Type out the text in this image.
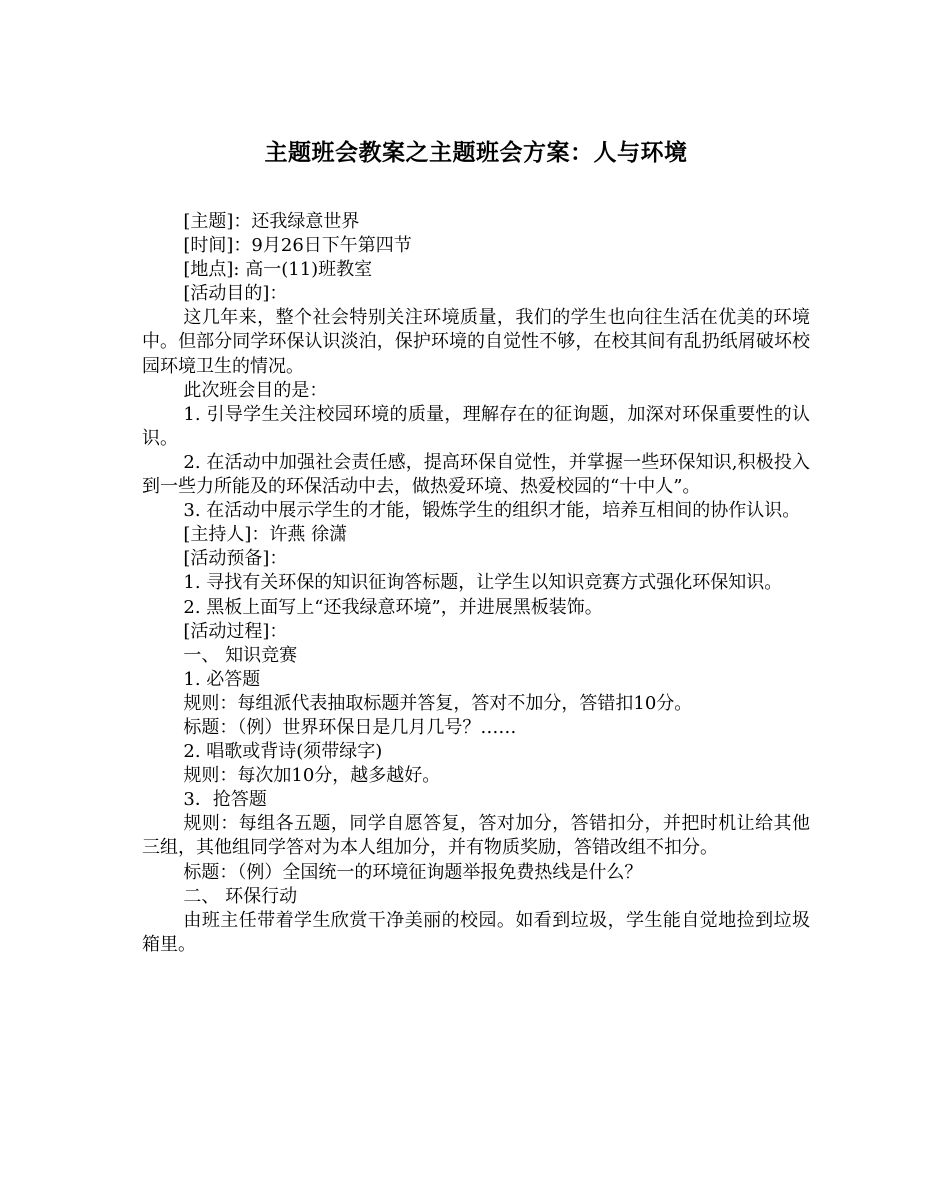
主题班会教案之主题班会方案：人与环境

[主题]：还我绿意世界

[时间]：9月26日下午第四节

[地点]: 高一(11)班教室

[活动目的]：

这几年来，整个社会特别关注环境质量，我们的学生也向往生活在优美的环境中。但部分同学环保认识淡泊，保护环境的自觉性不够，在校其间有乱扔纸屑破坏校园环境卫生的情况。

此次班会目的是：

1. 引导学生关注校园环境的质量，理解存在的征询题，加深对环保重要性的认识。

2. 在活动中加强社会责任感，提高环保自觉性，并掌握一些环保知识,积极投入到一些力所能及的环保活动中去，做热爱环境、热爱校园的“十中人”。

3. 在活动中展示学生的才能，锻炼学生的组织才能，培养互相间的协作认识。

[主持人]：许燕 徐潇

[活动预备]：

1. 寻找有关环保的知识征询答标题，让学生以知识竞赛方式强化环保知识。

2. 黑板上面写上“还我绿意环境”，并进展黑板装饰。

[活动过程]：

一、 知识竞赛

1. 必答题

规则：每组派代表抽取标题并答复，答对不加分，答错扣10分。

标题：（例）世界环保日是几月几号？……

2. 唱歌或背诗(须带绿字)

规则：每次加10分，越多越好。

3．抢答题

规则：每组各五题，同学自愿答复，答对加分，答错扣分，并把时机让给其他三组，其他组同学答对为本人组加分，并有物质奖励，答错改组不扣分。

标题：（例）全国统一的环境征询题举报免费热线是什么？

二、 环保行动

由班主任带着学生欣赏干净美丽的校园。如看到垃圾，学生能自觉地捡到垃圾箱里。
